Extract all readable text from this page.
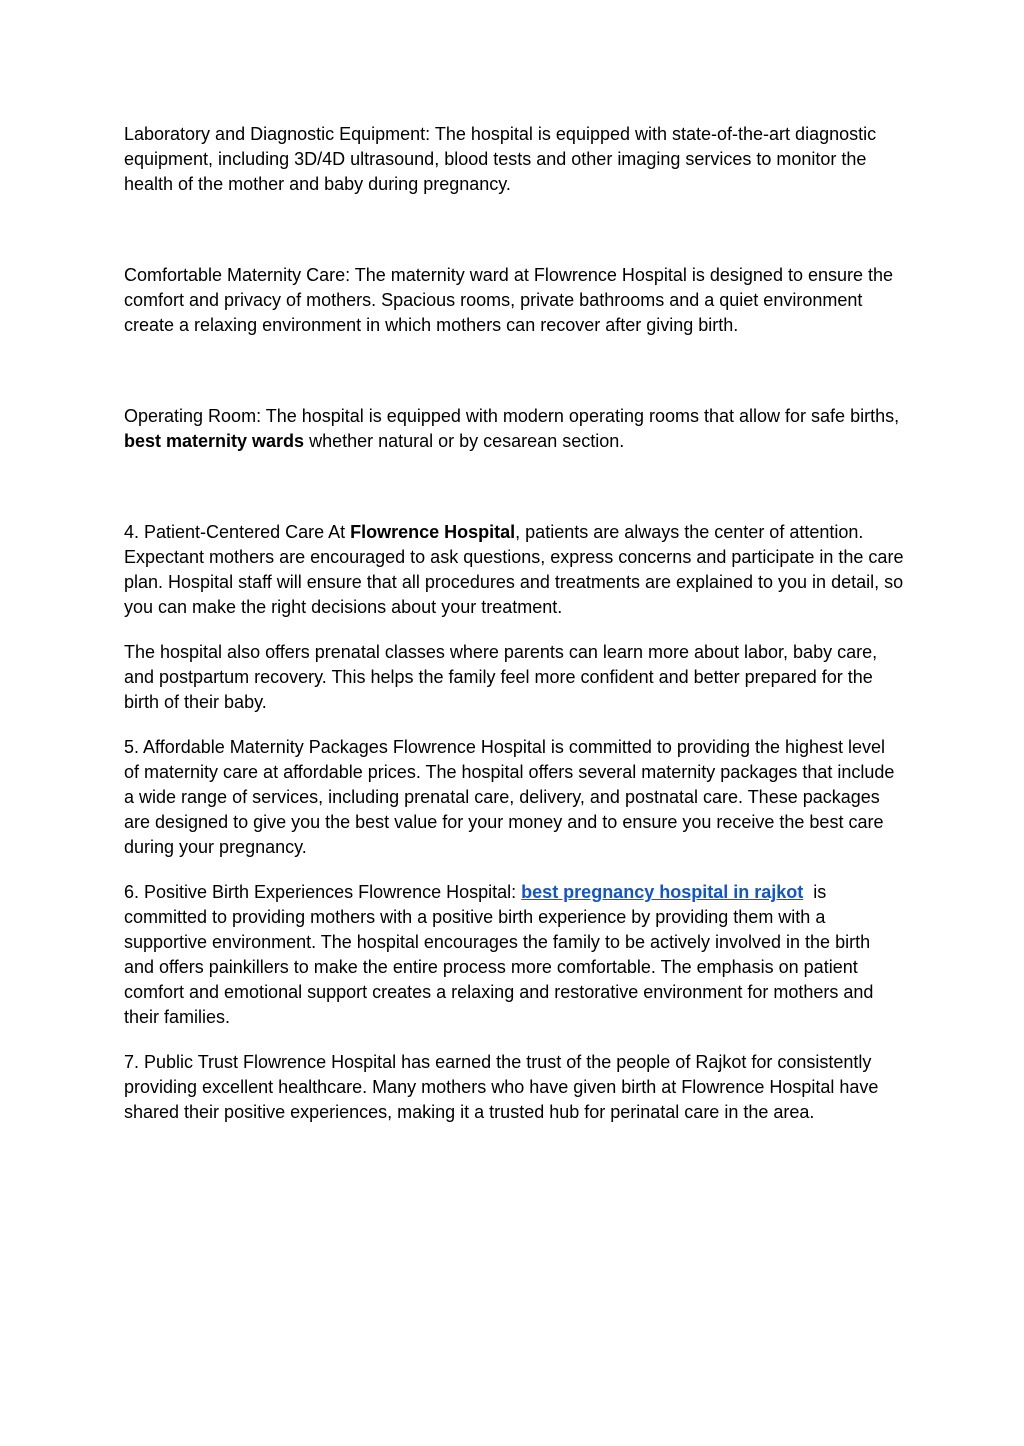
Laboratory and Diagnostic Equipment: The hospital is equipped with state-of-the-art diagnostic equipment, including 3D/4D ultrasound, blood tests and other imaging services to monitor the health of the mother and baby during pregnancy.

Comfortable Maternity Care: The maternity ward at Flowrence Hospital is designed to ensure the comfort and privacy of mothers. Spacious rooms, private bathrooms and a quiet environment create a relaxing environment in which mothers can recover after giving birth.

Operating Room: The hospital is equipped with modern operating rooms that allow for safe births, best maternity wards whether natural or by cesarean section.

4. Patient-Centered Care At Flowrence Hospital, patients are always the center of attention. Expectant mothers are encouraged to ask questions, express concerns and participate in the care plan. Hospital staff will ensure that all procedures and treatments are explained to you in detail, so you can make the right decisions about your treatment.

The hospital also offers prenatal classes where parents can learn more about labor, baby care, and postpartum recovery. This helps the family feel more confident and better prepared for the birth of their baby.

5. Affordable Maternity Packages Flowrence Hospital is committed to providing the highest level of maternity care at affordable prices. The hospital offers several maternity packages that include a wide range of services, including prenatal care, delivery, and postnatal care. These packages are designed to give you the best value for your money and to ensure you receive the best care during your pregnancy.

6. Positive Birth Experiences Flowrence Hospital: best pregnancy hospital in rajkot  is committed to providing mothers with a positive birth experience by providing them with a supportive environment. The hospital encourages the family to be actively involved in the birth and offers painkillers to make the entire process more comfortable. The emphasis on patient comfort and emotional support creates a relaxing and restorative environment for mothers and their families.

7. Public Trust Flowrence Hospital has earned the trust of the people of Rajkot for consistently providing excellent healthcare. Many mothers who have given birth at Flowrence Hospital have shared their positive experiences, making it a trusted hub for perinatal care in the area.
